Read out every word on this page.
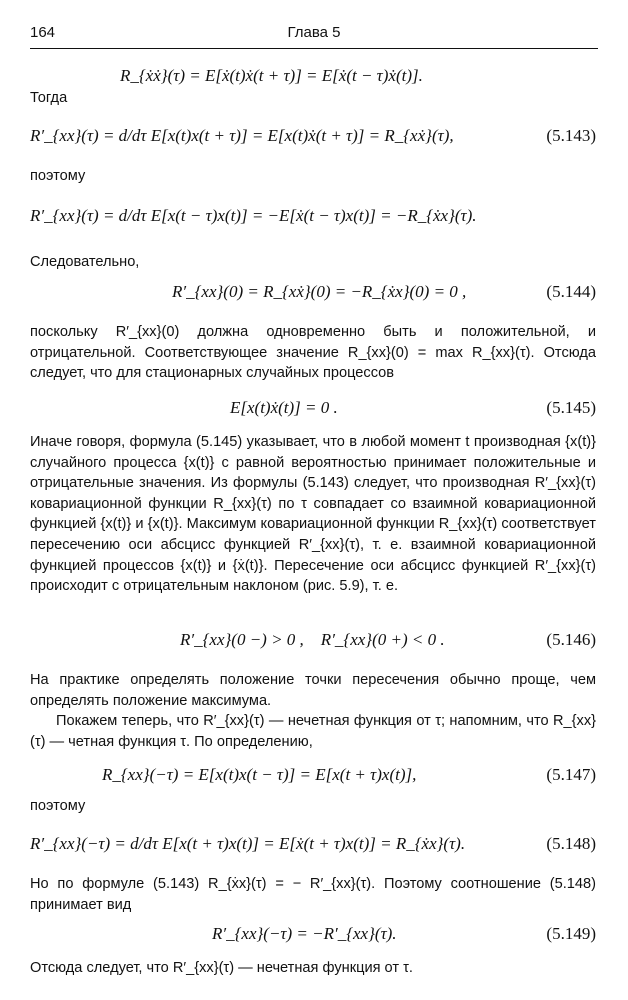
164	Глава 5
R_{ẋẋ}(τ) = E[ẋ(t)ẋ(t + τ)] = E[ẋ(t − τ)ẋ(t)].

Тогда

R′_{xx}(τ) = d/dτ E[x(t)x(t + τ)] = E[x(t)ẋ(t + τ)] = R_{xẋ}(τ),	(5.143)

поэтому

R′_{xx}(τ) = d/dτ E[x(t − τ)x(t)] = −E[ẋ(t − τ)x(t)] = −R_{ẋx}(τ).

Следовательно,

R′_{xx}(0) = R_{xẋ}(0) = −R_{ẋx}(0) = 0 ,	(5.144)

поскольку R′_{xx}(0) должна одновременно быть и положительной, и отрицательной. Соответствующее значение R_{xx}(0) = max R_{xx}(τ). Отсюда следует, что для стационарных случайных процессов

E[x(t)ẋ(t)] = 0 .	(5.145)

Иначе говоря, формула (5.145) указывает, что в любой момент t производная {x(t)} случайного процесса {x(t)} с равной вероятностью принимает положительные и отрицательные значения. Из формулы (5.143) следует, что производная R′_{xx}(τ) ковариационной функции R_{xx}(τ) по τ совпадает со взаимной ковариационной функцией {x(t)} и {x(t)}. Максимум ковариационной функции R_{xx}(τ) соответствует пересечению оси абсцисс функцией R′_{xx}(τ), т. е. взаимной ковариационной функцией процессов {x(t)} и {ẋ(t)}. Пересечение оси абсцисс функцией R′_{xx}(τ) происходит с отрицательным наклоном (рис. 5.9), т. е.

R′_{xx}(0 −) > 0 ,    R′_{xx}(0 +) < 0 .	(5.146)

На практике определять положение точки пересечения обычно проще, чем определять положение максимума.

Покажем теперь, что R′_{xx}(τ) — нечетная функция от τ; напомним, что R_{xx}(τ) — четная функция τ. По определению,

R_{xx}(−τ) = E[x(t)x(t − τ)] = E[x(t + τ)x(t)],	(5.147)

поэтому

R′_{xx}(−τ) = d/dτ E[x(t + τ)x(t)] = E[ẋ(t + τ)x(t)] = R_{ẋx}(τ).	(5.148)

Но по формуле (5.143) R_{ẋx}(τ) = − R′_{xx}(τ). Поэтому соотношение (5.148) принимает вид

R′_{xx}(−τ) = −R′_{xx}(τ).	(5.149)

Отсюда следует, что R′_{xx}(τ) — нечетная функция от τ.
